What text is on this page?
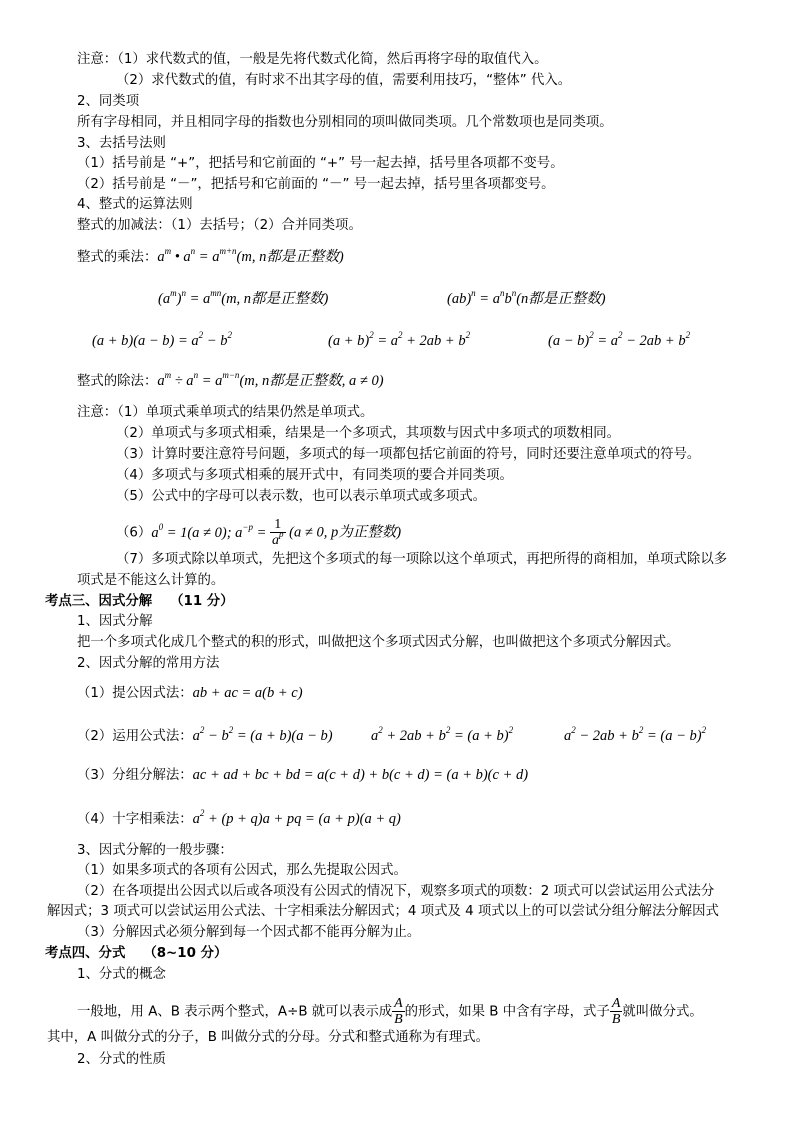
注意：（1）求代数式的值，一般是先将代数式化简，然后再将字母的取值代入。
（2）求代数式的值，有时求不出其字母的值，需要利用技巧，“整体” 代入。
2、同类项
所有字母相同，并且相同字母的指数也分别相同的项叫做同类项。几个常数项也是同类项。
3、去括号法则
（1）括号前是 “+”，把括号和它前面的 “+” 号一起去掉，括号里各项都不变号。
（2）括号前是 “－”，把括号和它前面的 “－” 号一起去掉，括号里各项都变号。
4、整式的运算法则
整式的加减法：（1）去括号；（2）合并同类项。
整式的乘法：$a^m$ • $a^n = a^{m+n}(m$, n都是正整数)
$(a^m)^n = a^{mn}(m$, n都是正整数)	$(ab)^n = a^nb^n(n$都是正整数)
$(a + b)(a - b) = a^2 - b^2$	$(a + b)^2 = a^2 + 2ab + b^2$	$(a - b)^2 = a^2 - 2ab + b^2$
整式的除法：$a^m \div a^n = a^{m-n}(m$, n都是正整数, a ≠ 0)
注意：（1）单项式乘单项式的结果仍然是单项式。
（2）单项式与多项式相乘，结果是一个多项式，其项数与因式中多项式的项数相同。
（3）计算时要注意符号问题，多项式的每一项都包括它前面的符号，同时还要注意单项式的符号。
（4）多项式与多项式相乘的展开式中，有同类项的要合并同类项。
（5）公式中的字母可以表示数，也可以表示单项式或多项式。
$(6)a^0 = 1(a \ne 0)$; $a^{-p} = \frac{1}{a^p} (a \ne 0$, p为正整数)
（7）多项式除以单项式，先把这个多项式的每一项除以这个单项式，再把所得的商相加，单项式除以多
项式是不能这么计算的。
考点三、因式分解 （11 分）
1、因式分解
把一个多项式化成几个整式的积的形式，叫做把这个多项式因式分解，也叫做把这个多项式分解因式。
2、因式分解的常用方法
（1）提公因式法：ab + ac = a(b + c)
（2）运用公式法：$a^2 - b^2 = (a + b)(a - b)$	$a^2 + 2ab + b^2 = (a + b)^2$	$a^2 - 2ab + b^2 = (a - b)^2$
（3）分组分解法：ac + ad + bc + bd = a(c + d) + b(c + d) = (a + b)(c + d)
（4）十字相乘法：$a^2 + (p + q)a$ + pq = (a + p)(a + q)
3、因式分解的一般步骤：
（1）如果多项式的各项有公因式，那么先提取公因式。
（2）在各项提出公因式以后或各项没有公因式的情况下，观察多项式的项数：2 项式可以尝试运用公式法分
解因式；3 项式可以尝试运用公式法、十字相乘法分解因式；4 项式及 4 项式以上的可以尝试分组分解法分解因式
（3）分解因式必须分解到每一个因式都不能再分解为止。
考点四、分式 （8~10 分）
1、分式的概念
一般地，用 A、B 表示两个整式，A÷B 就可以表示成 $\frac{A}{B}$ 的形式，如果 B 中含有字母，式子 $\frac{A}{B}$ 就叫做分式。
其中，A 叫做分式的分子，B 叫做分式的分母。分式和整式通称为有理式。
2、分式的性质
